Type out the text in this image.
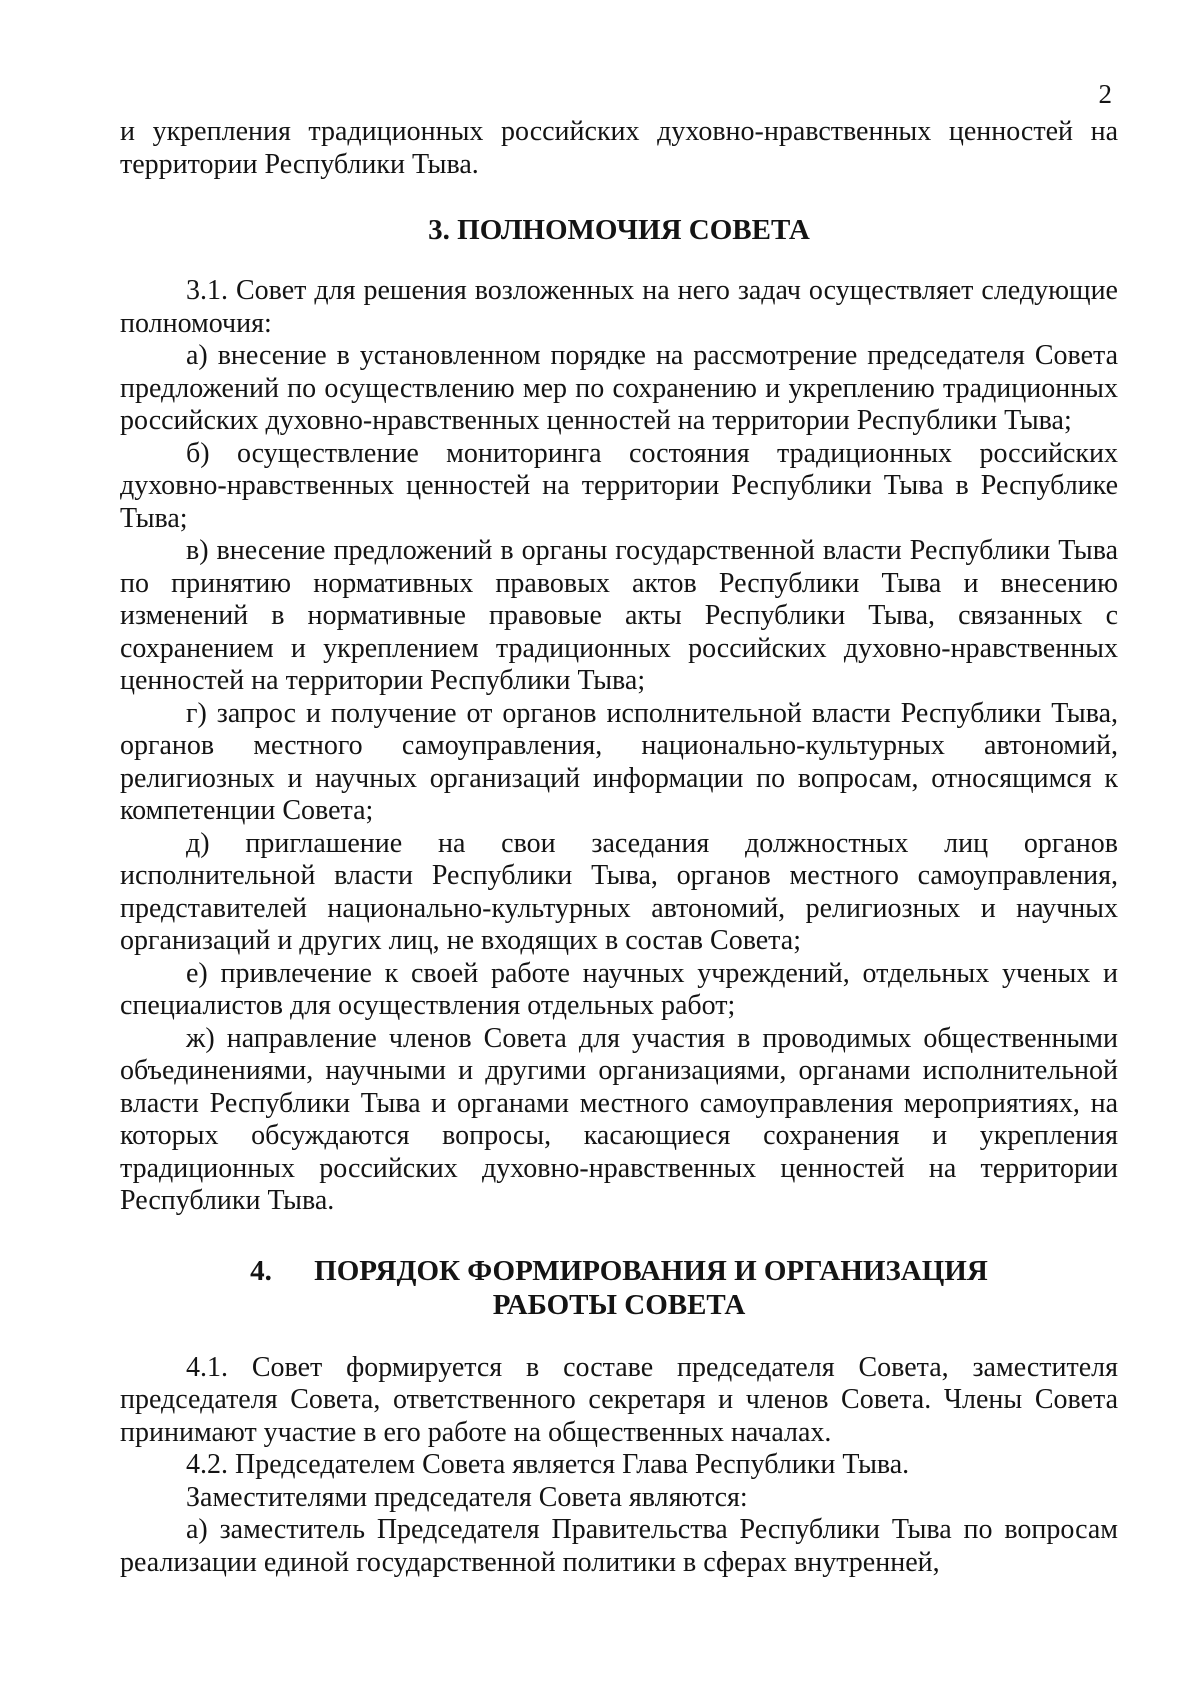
2

и укрепления традиционных российских духовно-нравственных ценностей на территории Республики Тыва.

3. ПОЛНОМОЧИЯ СОВЕТА

3.1. Совет для решения возложенных на него задач осуществляет следующие полномочия:

а) внесение в установленном порядке на рассмотрение председателя Совета предложений по осуществлению мер по сохранению и укреплению традиционных российских духовно-нравственных ценностей на территории Республики Тыва;

б) осуществление мониторинга состояния традиционных российских духовно-нравственных ценностей на территории Республики Тыва в Республике Тыва;

в) внесение предложений в органы государственной власти Республики Тыва по принятию нормативных правовых актов Республики Тыва и внесению изменений в нормативные правовые акты Республики Тыва, связанных с сохранением и укреплением традиционных российских духовно-нравственных ценностей на территории Республики Тыва;

г) запрос и получение от органов исполнительной власти Республики Тыва, органов местного самоуправления, национально-культурных автономий, религиозных и научных организаций информации по вопросам, относящимся к компетенции Совета;

д) приглашение на свои заседания должностных лиц органов исполнительной власти Республики Тыва, органов местного самоуправления, представителей национально-культурных автономий, религиозных и научных организаций и других лиц, не входящих в состав Совета;

е) привлечение к своей работе научных учреждений, отдельных ученых и специалистов для осуществления отдельных работ;

ж) направление членов Совета для участия в проводимых общественными объединениями, научными и другими организациями, органами исполнительной власти Республики Тыва и органами местного самоуправления мероприятиях, на которых обсуждаются вопросы, касающиеся сохранения и укрепления традиционных российских духовно-нравственных ценностей на территории Республики Тыва.

4. ПОРЯДОК ФОРМИРОВАНИЯ И ОРГАНИЗАЦИЯ
РАБОТЫ СОВЕТА

4.1. Совет формируется в составе председателя Совета, заместителя председателя Совета, ответственного секретаря и членов Совета. Члены Совета принимают участие в его работе на общественных началах.

4.2. Председателем Совета является Глава Республики Тыва.

Заместителями председателя Совета являются:

а) заместитель Председателя Правительства Республики Тыва по вопросам реализации единой государственной политики в сферах внутренней,
